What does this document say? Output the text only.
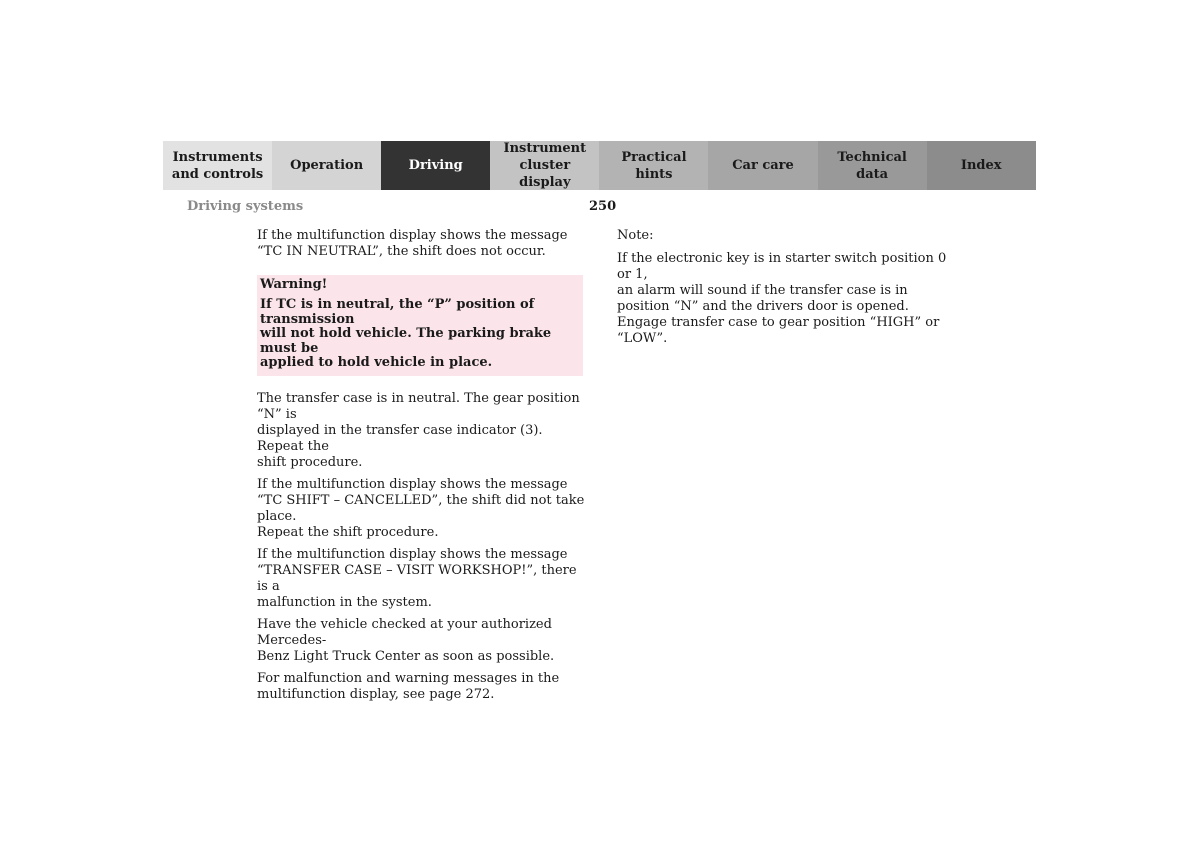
Instruments
and controls
Operation	Driving
Instrument
cluster display
Practical hints
Car care
Technical
data
Index
Driving systems	250

If the multifunction display shows the message
“TC IN NEUTRAL”, the shift does not occur.

Warning!

If TC is in neutral, the “P” position of transmission
will not hold vehicle. The parking brake must be
applied to hold vehicle in place.

The transfer case is in neutral. The gear position “N” is
displayed in the transfer case indicator (3). Repeat the
shift procedure.

If the multifunction display shows the message
“TC SHIFT – CANCELLED”, the shift did not take place.
Repeat the shift procedure.

If the multifunction display shows the message
“TRANSFER CASE – VISIT WORKSHOP!”, there is a
malfunction in the system.

Have the vehicle checked at your authorized Mercedes-
Benz Light Truck Center as soon as possible.

For malfunction and warning messages in the
multifunction display, see page 272.

Note:

If the electronic key is in starter switch position 0 or 1,
an alarm will sound if the transfer case is in
position “N” and the drivers door is opened.
Engage transfer case to gear position “HIGH” or “LOW”.
